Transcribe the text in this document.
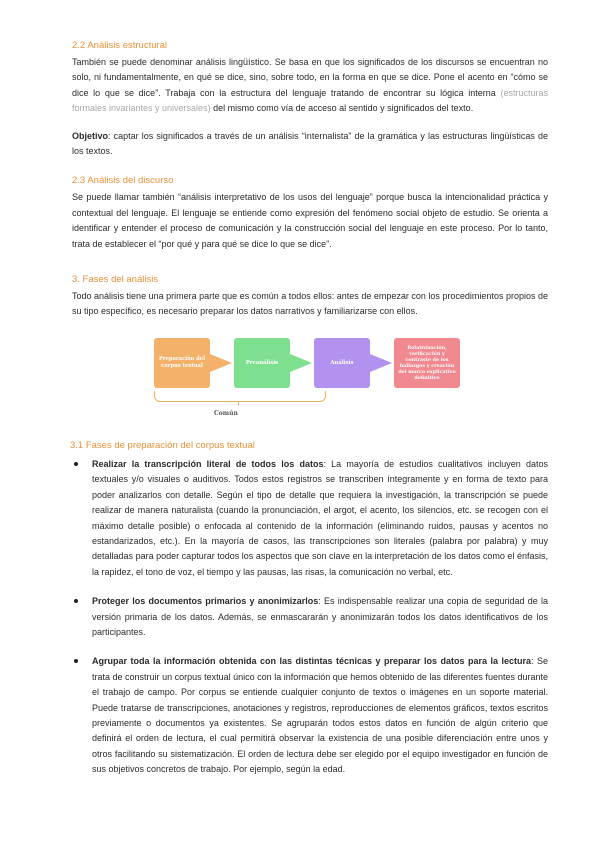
2.2 Análisis estructural

También se puede denominar análisis lingüístico. Se basa en que los significados de los discursos se encuentran no solo, ni fundamentalmente, en qué se dice, sino, sobre todo, en la forma en que se dice. Pone el acento en “cómo se dice lo que se dice”. Trabaja con la estructura del lenguaje tratando de encontrar su lógica interna (estructuras formales invariantes y universales) del mismo como vía de acceso al sentido y significados del texto.

Objetivo: captar los significados a través de un análisis “internalista” de la gramática y las estructuras lingüísticas de los textos.

2.3 Análisis del discurso

Se puede llamar también “análisis interpretativo de los usos del lenguaje” porque busca la intencionalidad práctica y contextual del lenguaje. El lenguaje se entiende como expresión del fenómeno social objeto de estudio. Se orienta a identificar y entender el proceso de comunicación y la construcción social del lenguaje en este proceso. Por lo tanto, trata de establecer el “por qué y para qué se dice lo que se dice”.

3. Fases del análisis

Todo análisis tiene una primera parte que es común a todos ellos: antes de empezar con los procedimientos propios de su tipo específico, es necesario preparar los datos narrativos y familiarizarse con ellos.

Preparación del corpus textual
Preanálisis	Análisis
Relativización, verificación y contraste de los hallazgos y creación del marco explicativo definitivo
Común
3.1 Fases de preparación del corpus textual

Realizar la transcripción literal de todos los datos: La mayoría de estudios cualitativos incluyen datos textuales y/o visuales o auditivos. Todos estos registros se transcriben íntegramente y en forma de texto para poder analizarlos con detalle. Según el tipo de detalle que requiera la investigación, la transcripción se puede realizar de manera naturalista (cuando la pronunciación, el argot, el acento, los silencios, etc. se recogen con el máximo detalle posible) o enfocada al contenido de la información (eliminando ruidos, pausas y acentos no estandarizados, etc.). En la mayoría de casos, las transcripciones son literales (palabra por palabra) y muy detalladas para poder capturar todos los aspectos que son clave en la interpretación de los datos como el énfasis, la rapidez, el tono de voz, el tiempo y las pausas, las risas, la comunicación no verbal, etc.

Proteger los documentos primarios y anonimizarlos: Es indispensable realizar una copia de seguridad de la versión primaria de los datos. Además, se enmascararán y anonimizarán todos los datos identificativos de los participantes.

Agrupar toda la información obtenida con las distintas técnicas y preparar los datos para la lectura: Se trata de construir un corpus textual único con la información que hemos obtenido de las diferentes fuentes durante el trabajo de campo. Por corpus se entiende cualquier conjunto de textos o imágenes en un soporte material. Puede tratarse de transcripciones, anotaciones y registros, reproducciones de elementos gráficos, textos escritos previamente o documentos ya existentes. Se agruparán todos estos datos en función de algún criterio que definirá el orden de lectura, el cual permitirá observar la existencia de una posible diferenciación entre unos y otros facilitando su sistematización. El orden de lectura debe ser elegido por el equipo investigador en función de sus objetivos concretos de trabajo. Por ejemplo, según la edad.
